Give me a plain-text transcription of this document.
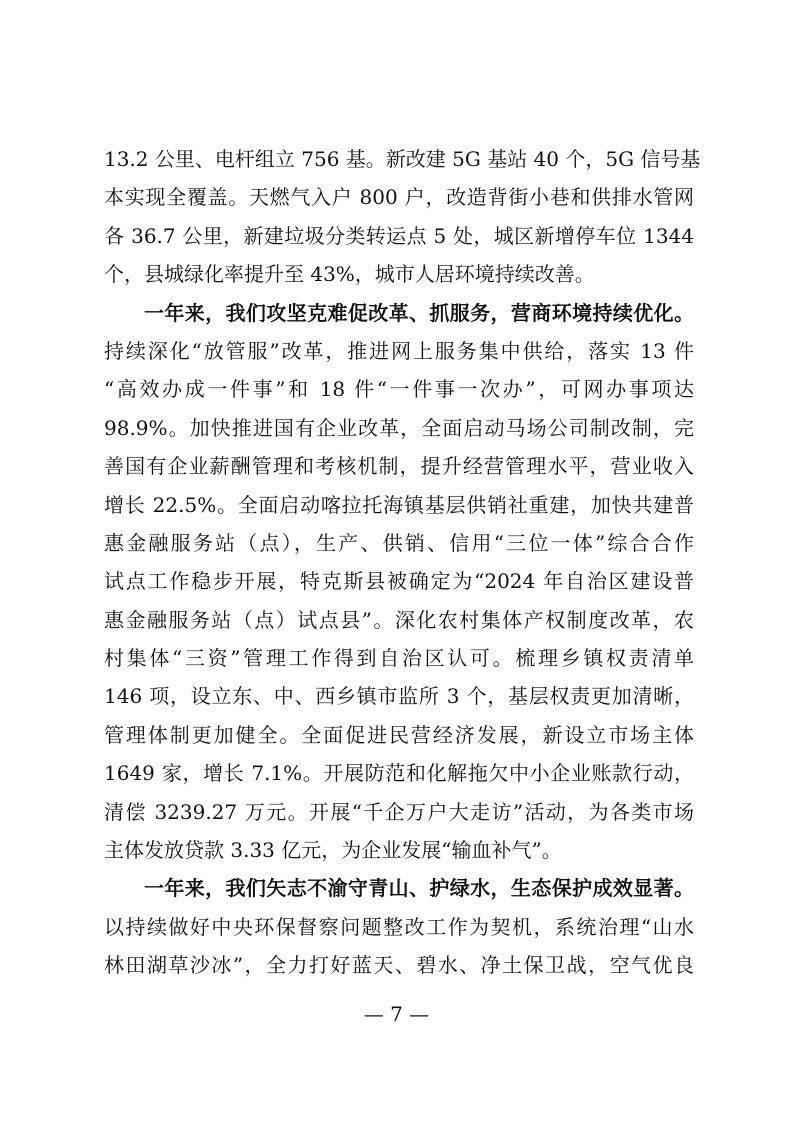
13.2 公里、电杆组立 756 基。新改建 5G 基站 40 个，5G 信号基
本实现全覆盖。天燃气入户 800 户，改造背街小巷和供排水管网
各 36.7 公里，新建垃圾分类转运点 5 处，城区新增停车位 1344
个，县城绿化率提升至 43%，城市人居环境持续改善。
一年来，我们攻坚克难促改革、抓服务，营商环境持续优化。
持续深化“放管服”改革，推进网上服务集中供给，落实 13 件
“高效办成一件事”和 18 件“一件事一次办”，可网办事项达
98.9%。加快推进国有企业改革，全面启动马场公司制改制，完
善国有企业薪酬管理和考核机制，提升经营管理水平，营业收入
增长 22.5%。全面启动喀拉托海镇基层供销社重建，加快共建普
惠金融服务站（点），生产、供销、信用“三位一体”综合合作
试点工作稳步开展，特克斯县被确定为“2024 年自治区建设普
惠金融服务站（点）试点县”。深化农村集体产权制度改革，农
村集体“三资”管理工作得到自治区认可。梳理乡镇权责清单
146 项，设立东、中、西乡镇市监所 3 个，基层权责更加清晰，
管理体制更加健全。全面促进民营经济发展，新设立市场主体
1649 家，增长 7.1%。开展防范和化解拖欠中小企业账款行动，
清偿 3239.27 万元。开展“千企万户大走访”活动，为各类市场
主体发放贷款 3.33 亿元，为企业发展“输血补气”。
一年来，我们矢志不渝守青山、护绿水，生态保护成效显著。
以持续做好中央环保督察问题整改工作为契机，系统治理“山水
林田湖草沙冰”，全力打好蓝天、碧水、净土保卫战，空气优良
— 7 —
